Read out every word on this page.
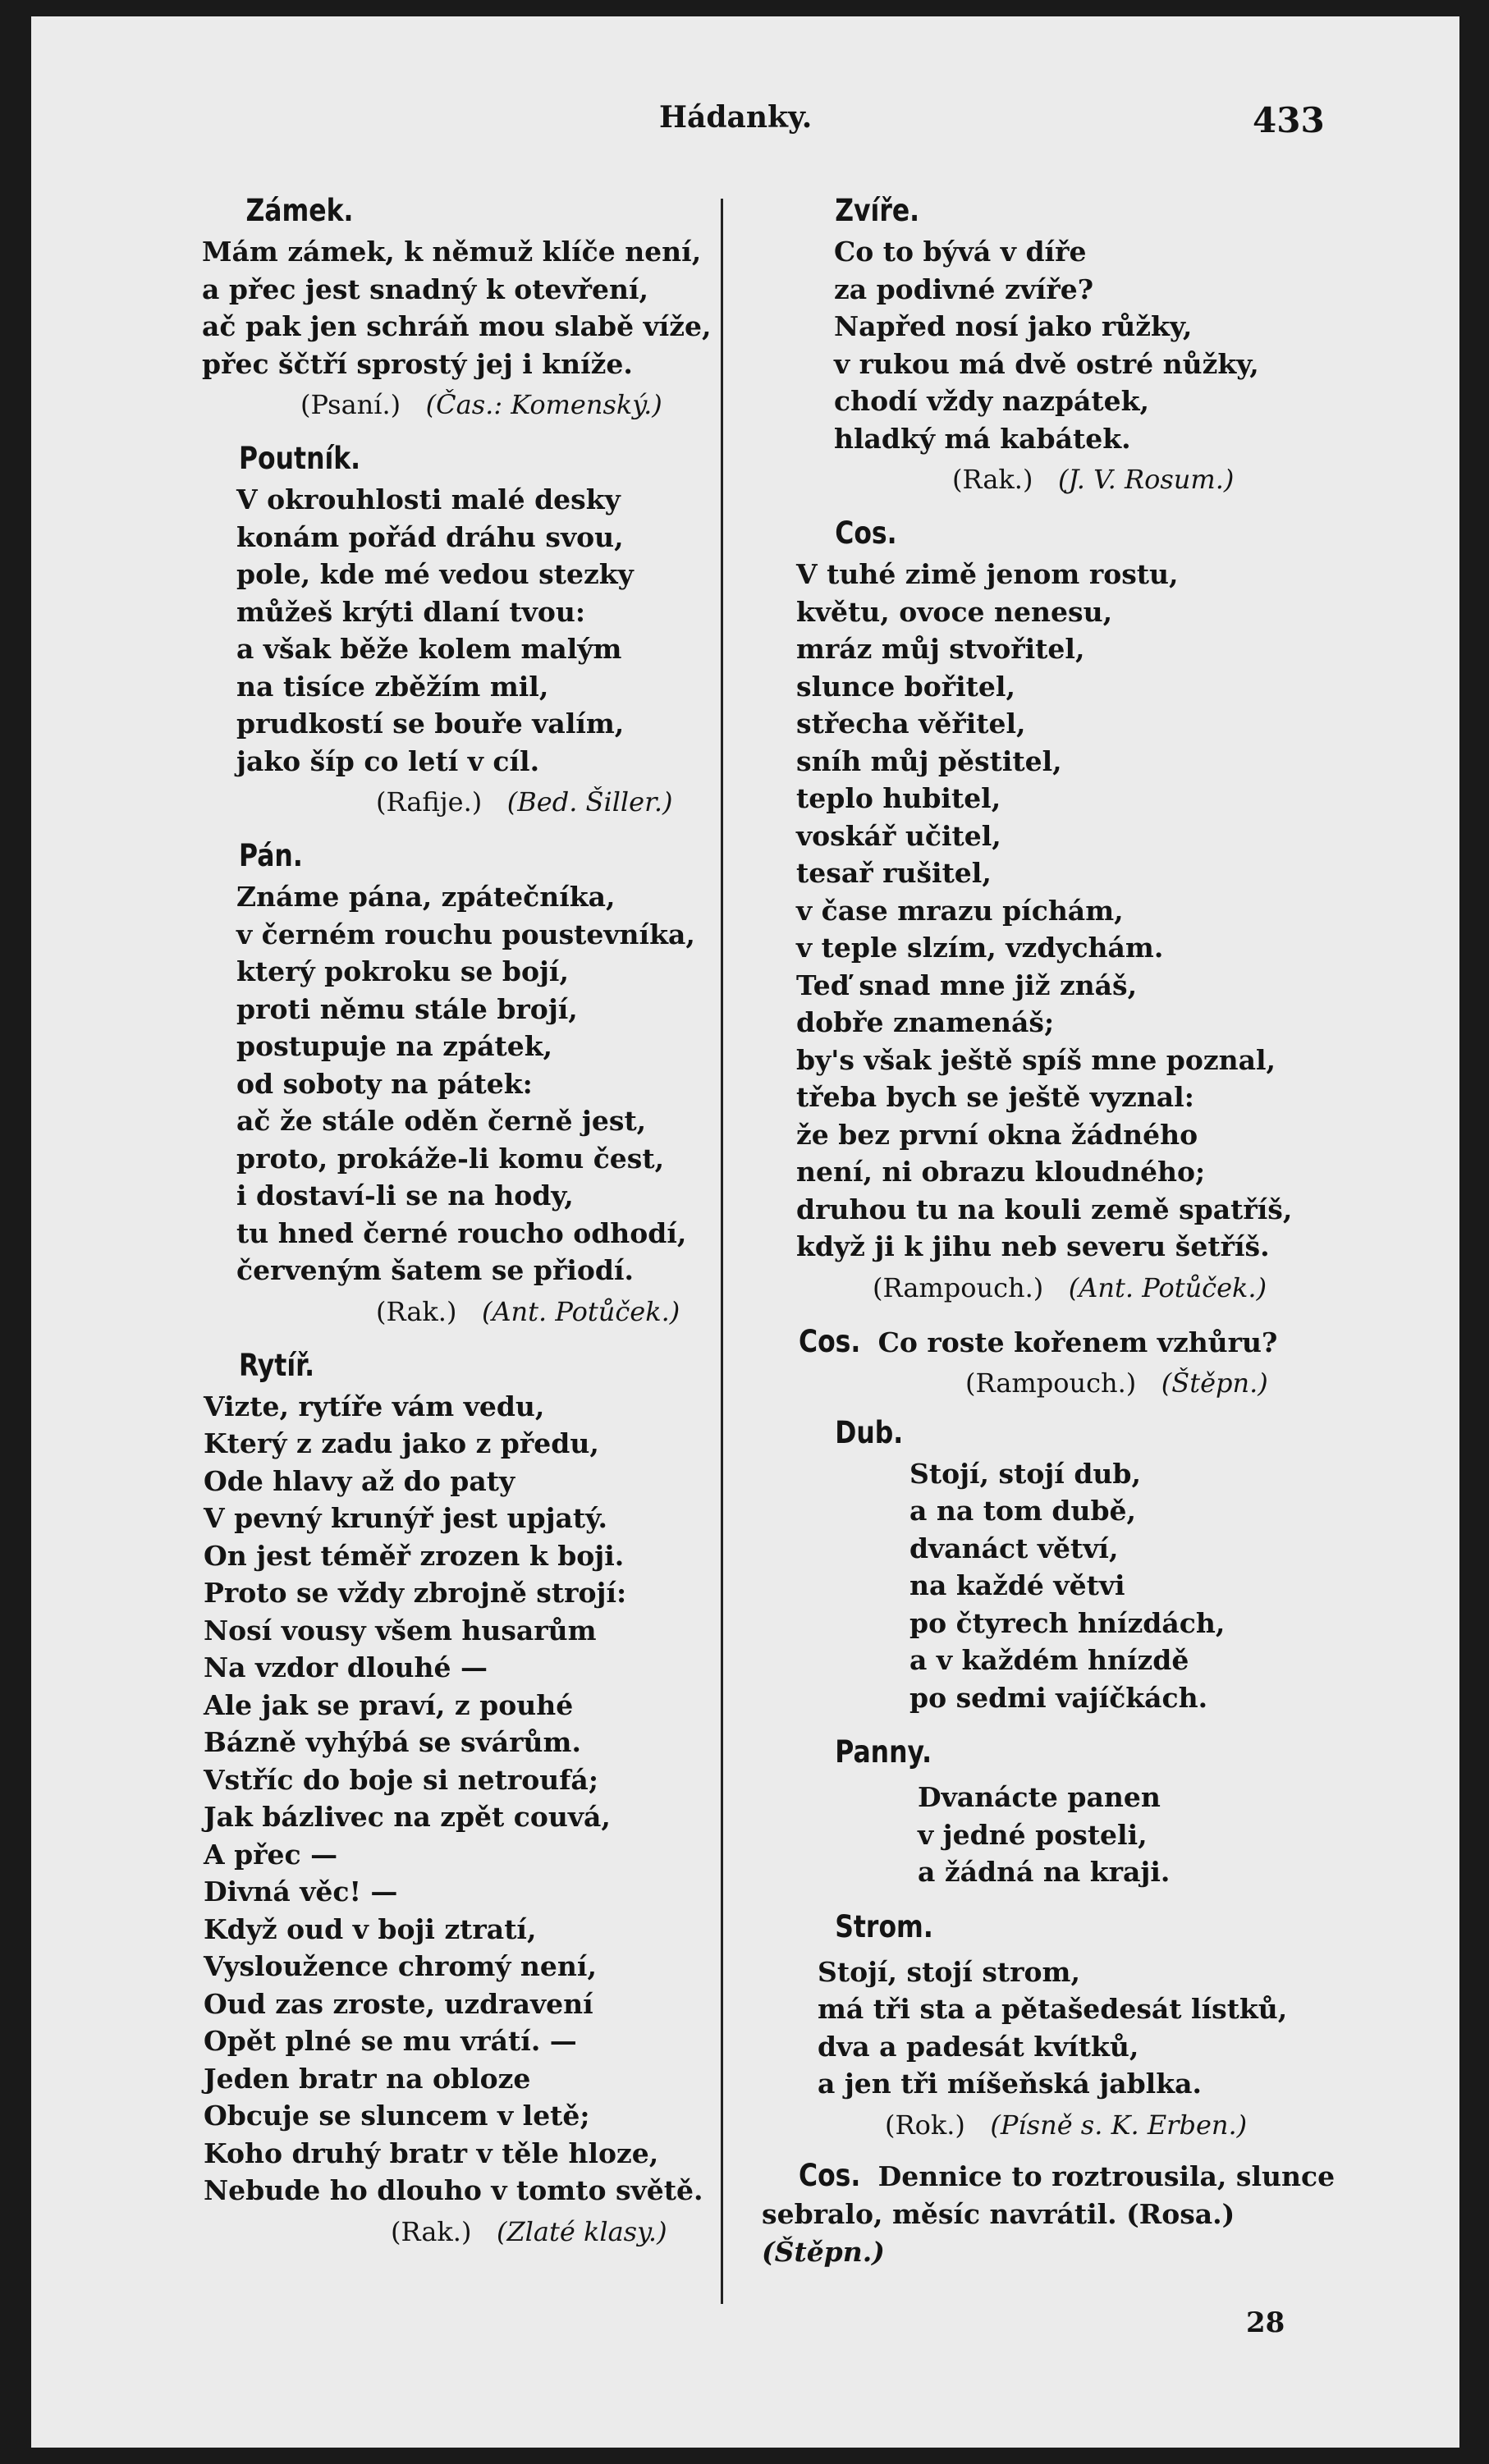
Hádanky.	433
Zámek.
Mám zámek, k němuž klíče není,
a přec jest snadný k otevření,
ač pak jen schráň mou slabě víže,
přec ščtří sprostý jej i kníže.
(Psaní.) (Čas.: Komenský.)
Poutník.
V okrouhlosti malé desky
konám pořád dráhu svou,
pole, kde mé vedou stezky
můžeš krýti dlaní tvou:
a však běže kolem malým
na tisíce zběžím mil,
prudkostí se bouře valím,
jako šíp co letí v cíl.
(Rafije.) (Bed. Šiller.)
Pán.
Známe pána, zpátečníka,
v černém rouchu poustevníka,
který pokroku se bojí,
proti němu stále brojí,
postupuje na zpátek,
od soboty na pátek:
ač že stále oděn černě jest,
proto, prokáže-li komu čest,
i dostaví-li se na hody,
tu hned černé roucho odhodí,
červeným šatem se přiodí.
(Rak.) (Ant. Potůček.)
Rytíř.
Vizte, rytíře vám vedu,
Který z zadu jako z předu,
Ode hlavy až do paty
V pevný krunýř jest upjatý.
On jest téměř zrozen k boji.
Proto se vždy zbrojně strojí:
Nosí vousy všem husarům
Na vzdor dlouhé —
Ale jak se praví, z pouhé
Bázně vyhýbá se svárům.
Vstříc do boje si netroufá;
Jak bázlivec na zpět couvá,
A přec —
Divná věc! —
Když oud v boji ztratí,
Vysloužence chromý není,
Oud zas zroste, uzdravení
Opět plné se mu vrátí. —
Jeden bratr na obloze
Obcuje se sluncem v letě;
Koho druhý bratr v těle hloze,
Nebude ho dlouho v tomto světě.
(Rak.) (Zlaté klasy.)
Zvíře.
Co to bývá v díře
za podivné zvíře?
Napřed nosí jako růžky,
v rukou má dvě ostré nůžky,
chodí vždy nazpátek,
hladký má kabátek.
(Rak.) (J. V. Rosum.)
Cos.
V tuhé zimě jenom rostu,
květu, ovoce nenesu,
mráz můj stvořitel,
slunce bořitel,
střecha věřitel,
sníh můj pěstitel,
teplo hubitel,
voskář učitel,
tesař rušitel,
v čase mrazu píchám,
v teple slzím, vzdychám.
Teď snad mne již znáš,
dobře znamenáš;
by's však ještě spíš mne poznal,
třeba bych se ještě vyznal:
že bez první okna žádného
není, ni obrazu kloudného;
druhou tu na kouli země spatříš,
když ji k jihu neb severu šetříš.
(Rampouch.) (Ant. Potůček.)
Cos. Co roste kořenem vzhůru?
(Rampouch.) (Štěpn.)
Dub.
Stojí, stojí dub,
a na tom dubě,
dvanáct větví,
na každé větvi
po čtyrech hnízdách,
a v každém hnízdě
po sedmi vajíčkách.
Panny.
Dvanácte panen
v jedné posteli,
a žádná na kraji.
Strom.
Stojí, stojí strom,
má tři sta a pětašedesát lístků,
dva a padesát kvítků,
a jen tři míšeňská jablka.
(Rok.) (Písně s. K. Erben.)
Cos. Dennice to roztrousila, slunce
sebralo, měsíc navrátil. (Rosa.) (Štěpn.)
28
